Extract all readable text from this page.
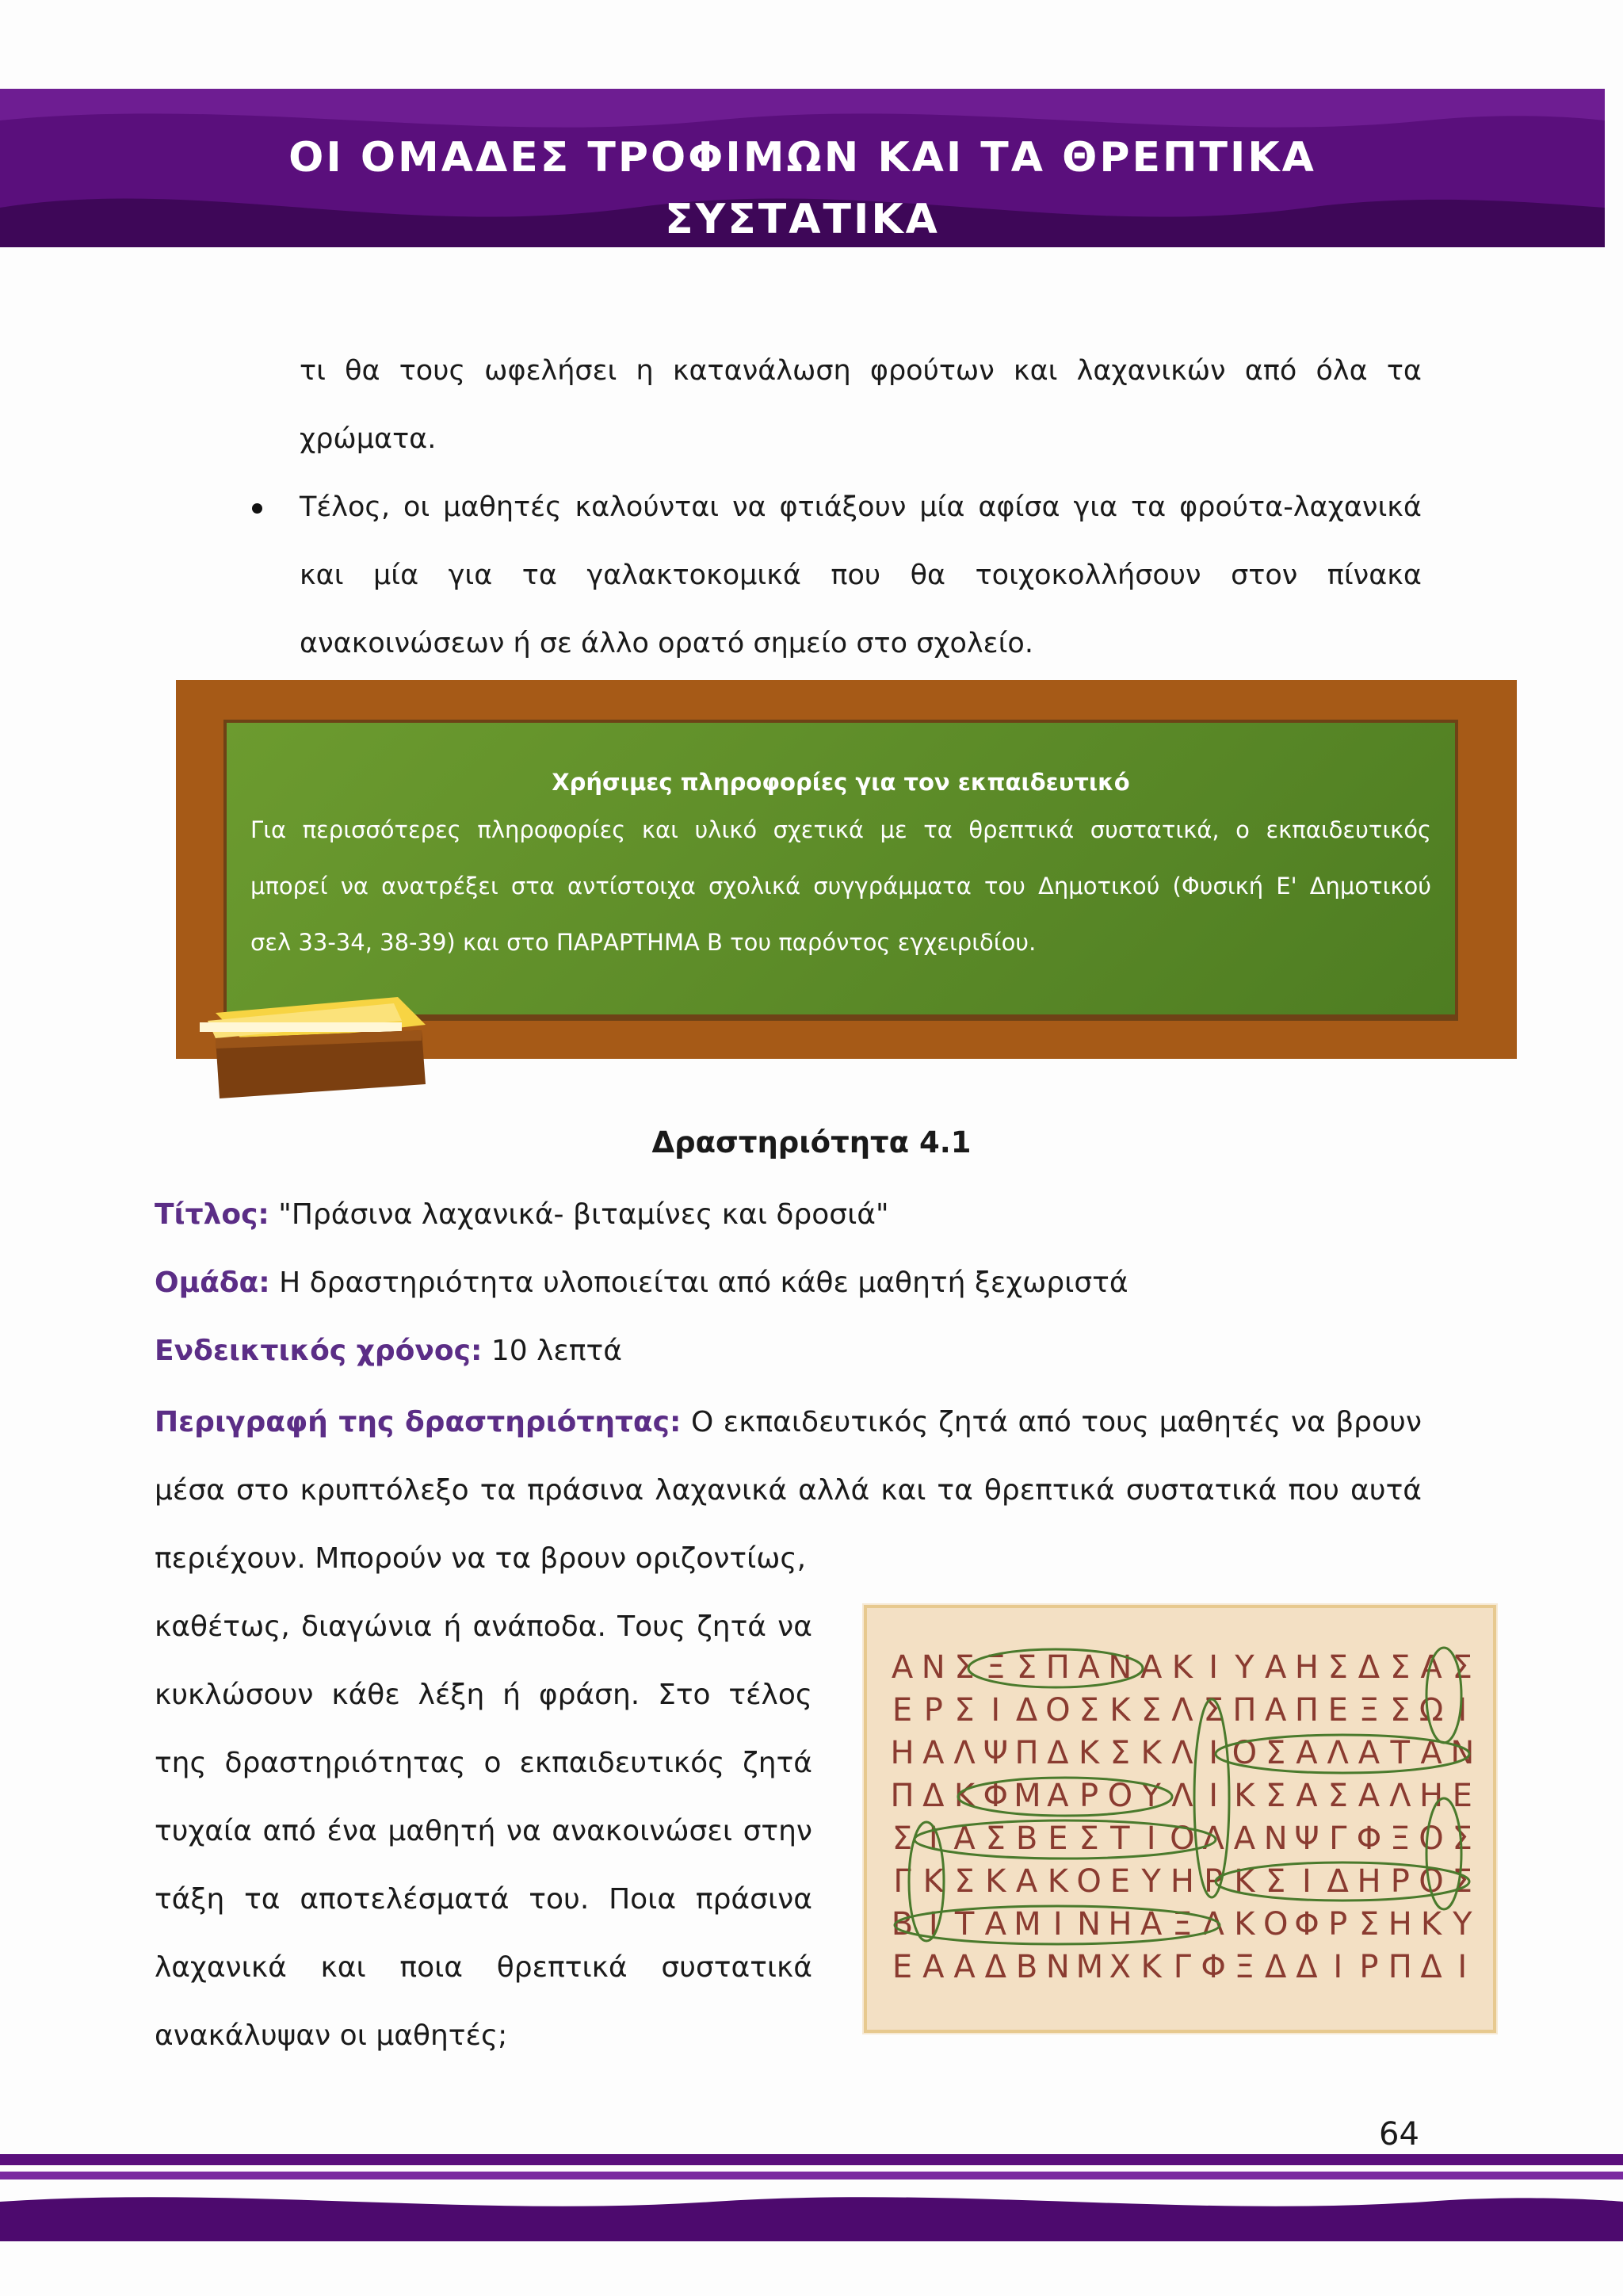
ΟΙ ΟΜΑΔΕΣ ΤΡΟΦΙΜΩΝ ΚΑΙ ΤΑ ΘΡΕΠΤΙΚΑ
ΣΥΣΤΑΤΙΚΑ
τι θα τους ωφελήσει η κατανάλωση φρούτων και λαχανικών από όλα τα
χρώματα.
Τέλος, οι μαθητές καλούνται να φτιάξουν μία αφίσα για τα φρούτα-λαχανικά
και μία για τα γαλακτοκομικά που θα τοιχοκολλήσουν στον πίνακα
ανακοινώσεων ή σε άλλο ορατό σημείο στο σχολείο.
Χρήσιμες πληροφορίες για τον εκπαιδευτικό
Για περισσότερες πληροφορίες και υλικό σχετικά με τα θρεπτικά συστατικά, ο εκπαιδευτικός
μπορεί να ανατρέξει στα αντίστοιχα σχολικά συγγράμματα του Δημοτικού (Φυσική Ε' Δημοτικού
σελ 33-34, 38-39) και στο ΠΑΡΑΡΤΗΜΑ Β του παρόντος εγχειριδίου.
Δραστηριότητα 4.1
Τίτλος: "Πράσινα λαχανικά- βιταμίνες και δροσιά"
Ομάδα: Η δραστηριότητα υλοποιείται από κάθε μαθητή ξεχωριστά
Ενδεικτικός χρόνος: 10 λεπτά
Περιγραφή της δραστηριότητας: Ο εκπαιδευτικός ζητά από τους μαθητές να βρουν
μέσα στο κρυπτόλεξο τα πράσινα λαχανικά αλλά και τα θρεπτικά συστατικά που αυτά
περιέχουν. Μπορούν να τα βρουν οριζοντίως,
καθέτως, διαγώνια ή ανάποδα. Τους ζητά να
κυκλώσουν κάθε λέξη ή φράση. Στο τέλος
της δραστηριότητας ο εκπαιδευτικός ζητά
τυχαία από ένα μαθητή να ανακοινώσει στην
τάξη τα αποτελέσματά του. Ποια πράσινα
λαχανικά και ποια θρεπτικά συστατικά
ανακάλυψαν οι μαθητές;
Α Ν Σ Ξ Σ Π Α Ν Α Κ Ι Υ Α Η Σ Δ Σ Α Σ
Ε Ρ Σ Ι Δ Ο Σ Κ Σ Λ Σ Π Α Π Ε Ξ Σ Ω Ι
Η Α Λ Ψ Π Δ Κ Σ Κ Λ Ι Ο Σ Α Λ Α Τ Α Ν
Π Δ Κ Φ Μ Α Ρ Ο Υ Λ Ι Κ Σ Α Σ Α Λ Η Ε
Σ Ι Α Σ Β Ε Σ Τ Ι Ο Λ Α Ν Ψ Γ Φ Ξ Ο Σ
Γ Κ Σ Κ Α Κ Ο Ε Υ Η Ρ Κ Σ Ι Δ Η Ρ Ο Σ
Β Ι Τ Α Μ Ι Ν Η Α Ξ Λ Κ Ο Φ Ρ Σ Η Κ Υ
Ε Α Α Δ Β Ν Μ Χ Κ Γ Φ Ξ Δ Δ Ι Ρ Π Δ Ι
64
